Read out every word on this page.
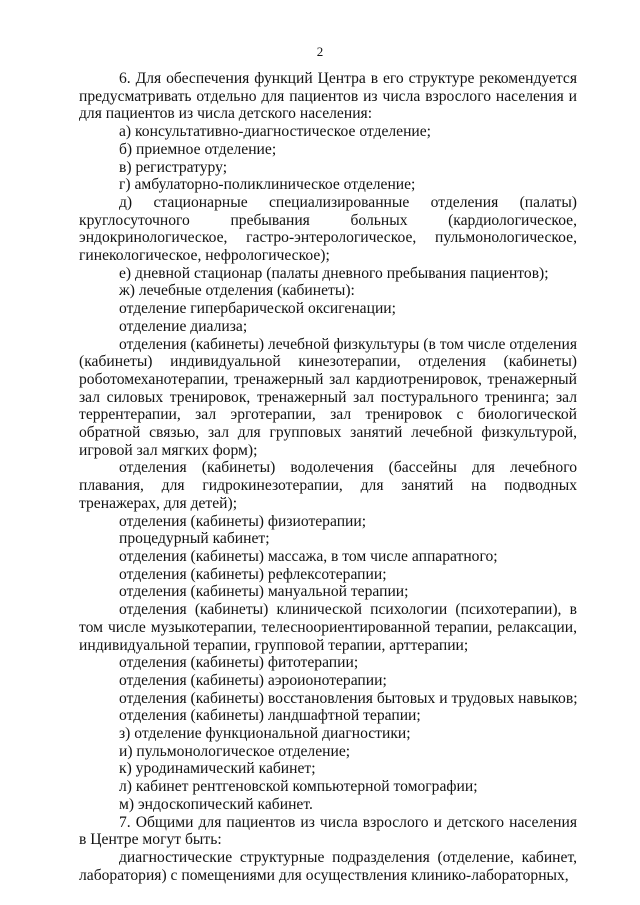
2

6. Для обеспечения функций Центра в его структуре рекомендуется предусматривать отдельно для пациентов из числа взрослого населения и для пациентов из числа детского населения:

а) консультативно-диагностическое отделение;

б) приемное отделение;

в) регистратуру;

г) амбулаторно-поликлиническое отделение;

д) стационарные специализированные отделения (палаты) круглосуточного пребывания больных (кардиологическое, эндокринологическое, гастро-энтерологическое, пульмонологическое, гинекологическое, нефрологическое);

е) дневной стационар (палаты дневного пребывания пациентов);

ж) лечебные отделения (кабинеты):

отделение гипербарической оксигенации;

отделение диализа;

отделения (кабинеты) лечебной физкультуры (в том числе отделения (кабинеты) индивидуальной кинезотерапии, отделения (кабинеты) роботомеханотерапии, тренажерный зал кардиотренировок, тренажерный зал силовых тренировок, тренажерный зал постурального тренинга; зал террентерапии, зал эрготерапии, зал тренировок с биологической обратной связью, зал для групповых занятий лечебной физкультурой, игровой зал мягких форм);

отделения (кабинеты) водолечения (бассейны для лечебного плавания, для гидрокинезотерапии, для занятий на подводных тренажерах, для детей);

отделения (кабинеты) физиотерапии;

процедурный кабинет;

отделения (кабинеты) массажа, в том числе аппаратного;

отделения (кабинеты) рефлексотерапии;

отделения (кабинеты) мануальной терапии;

отделения (кабинеты) клинической психологии (психотерапии), в том числе музыкотерапии, телесноориентированной терапии, релаксации, индивидуальной терапии, групповой терапии, арттерапии;

отделения (кабинеты) фитотерапии;

отделения (кабинеты) аэроионотерапии;

отделения (кабинеты) восстановления бытовых и трудовых навыков;

отделения (кабинеты) ландшафтной терапии;

з) отделение функциональной диагностики;

и) пульмонологическое отделение;

к) уродинамический кабинет;

л) кабинет рентгеновской компьютерной томографии;

м) эндоскопический кабинет.

7. Общими для пациентов из числа взрослого и детского населения в Центре могут быть:

диагностические структурные подразделения (отделение, кабинет, лаборатория) с помещениями для осуществления клинико-лабораторных,
